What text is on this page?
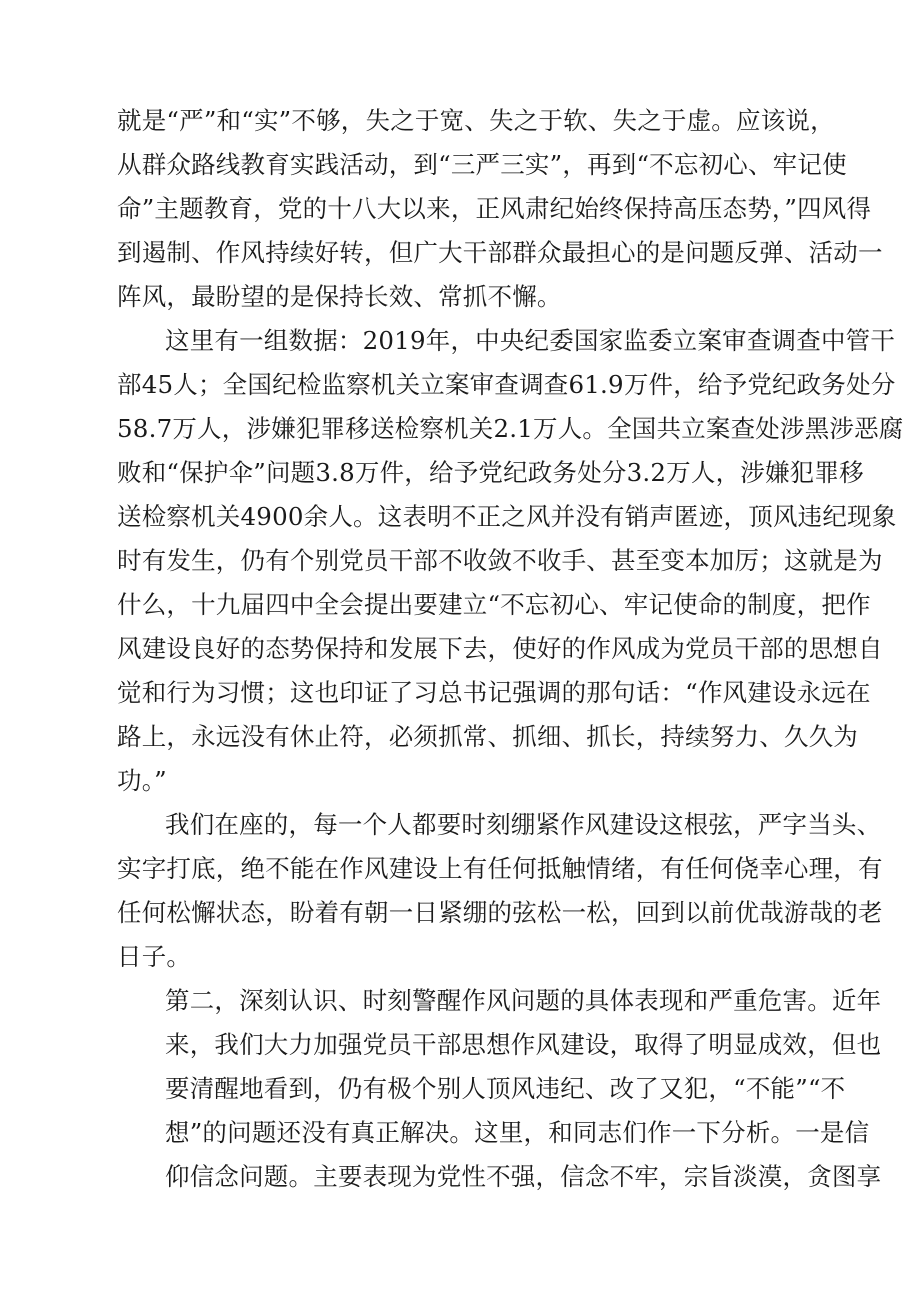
就是“严”和“实”不够，失之于宽、失之于软、失之于虚。应该说，

从群众路线教育实践活动，到“三严三实”，再到“不忘初心、牢记使

命”主题教育，党的十八大以来，正风肃纪始终保持高压态势，”四风得

到遏制、作风持续好转，但广大干部群众最担心的是问题反弹、活动一

阵风，最盼望的是保持长效、常抓不懈。

这里有一组数据：2019年，中央纪委国家监委立案审查调查中管干

部45人；全国纪检监察机关立案审查调查61.9万件，给予党纪政务处分

58.7万人，涉嫌犯罪移送检察机关2.1万人。全国共立案查处涉黑涉恶腐

败和“保护伞”问题3.8万件，给予党纪政务处分3.2万人，涉嫌犯罪移

送检察机关4900余人。这表明不正之风并没有销声匿迹，顶风违纪现象

时有发生，仍有个别党员干部不收敛不收手、甚至变本加厉；这就是为

什么，十九届四中全会提出要建立“不忘初心、牢记使命的制度，把作

风建设良好的态势保持和发展下去，使好的作风成为党员干部的思想自

觉和行为习惯；这也印证了习总书记强调的那句话：“作风建设永远在

路上，永远没有休止符，必须抓常、抓细、抓长，持续努力、久久为

功。”

我们在座的，每一个人都要时刻绷紧作风建设这根弦，严字当头、

实字打底，绝不能在作风建设上有任何抵触情绪，有任何侥幸心理，有

任何松懈状态，盼着有朝一日紧绷的弦松一松，回到以前优哉游哉的老

日子。

第二，深刻认识、时刻警醒作风问题的具体表现和严重危害。近年

来，我们大力加强党员干部思想作风建设，取得了明显成效，但也

要清醒地看到，仍有极个别人顶风违纪、改了又犯，“不能”“不

想”的问题还没有真正解决。这里，和同志们作一下分析。一是信

仰信念问题。主要表现为党性不强，信念不牢，宗旨淡漠，贪图享
